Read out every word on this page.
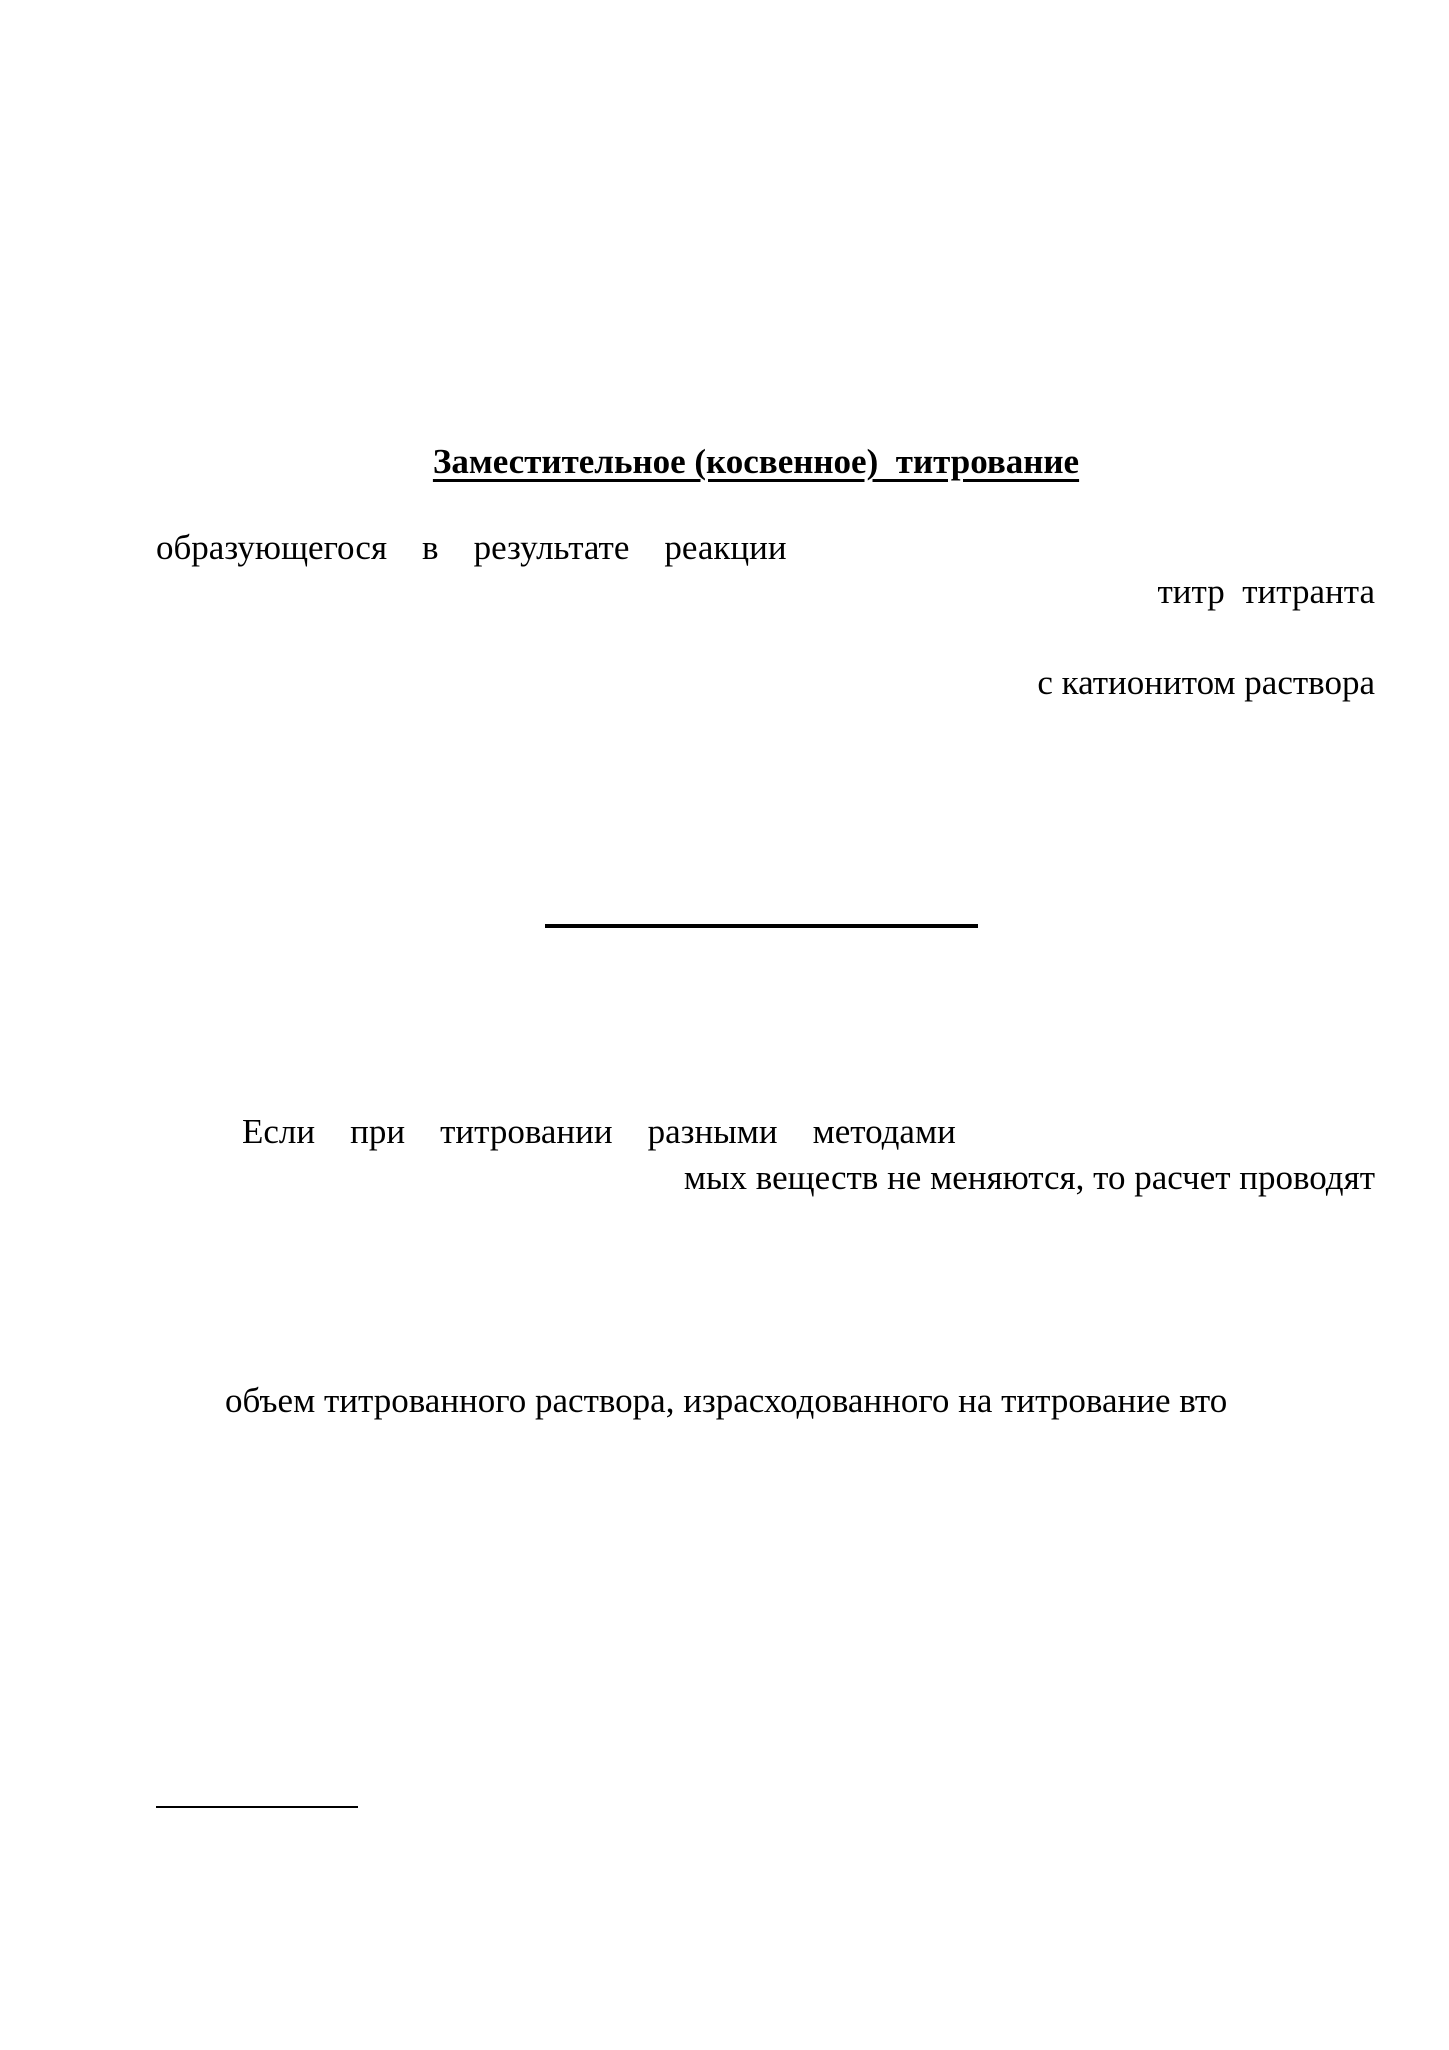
Заместительное (косвенное)  титрование
образующегося    в    результате    реакции
титр  титранта
с катионитом раствора
Если    при    титровании    разными    методами
мых веществ не меняются, то расчет проводят
объем титрованного раствора, израсходованного на титрование вто
